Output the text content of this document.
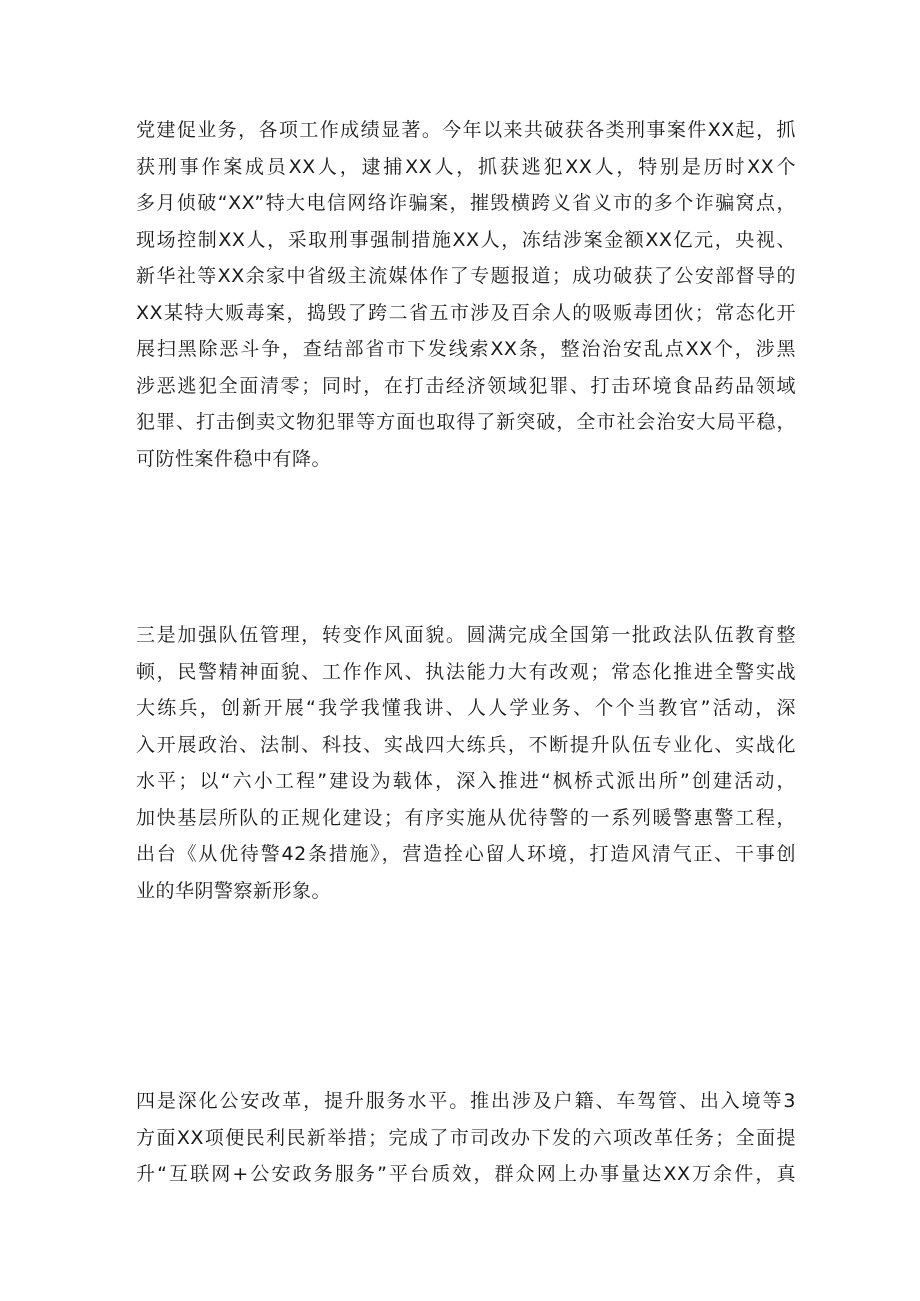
党建促业务，各项工作成绩显著。今年以来共破获各类刑事案件XX起，抓
获刑事作案成员XX人，逮捕XX人，抓获逃犯XX人，特别是历时XX个
多月侦破“XX”特大电信网络诈骗案，摧毁横跨义省义市的多个诈骗窝点，
现场控制XX人，采取刑事强制措施XX人，冻结涉案金额XX亿元，央视、
新华社等XX余家中省级主流媒体作了专题报道；成功破获了公安部督导的
XX某特大贩毒案，捣毁了跨二省五市涉及百余人的吸贩毒团伙；常态化开
展扫黑除恶斗争，查结部省市下发线索XX条，整治治安乱点XX个，涉黑
涉恶逃犯全面清零；同时，在打击经济领域犯罪、打击环境食品药品领域
犯罪、打击倒卖文物犯罪等方面也取得了新突破，全市社会治安大局平稳，
可防性案件稳中有降。
三是加强队伍管理，转变作风面貌。圆满完成全国第一批政法队伍教育整
顿，民警精神面貌、工作作风、执法能力大有改观；常态化推进全警实战
大练兵，创新开展“我学我懂我讲、人人学业务、个个当教官”活动，深
入开展政治、法制、科技、实战四大练兵，不断提升队伍专业化、实战化
水平；以“六小工程”建设为载体，深入推进“枫桥式派出所”创建活动，
加快基层所队的正规化建设；有序实施从优待警的一系列暖警惠警工程，
出台《从优待警42条措施》，营造拴心留人环境，打造风清气正、干事创
业的华阴警察新形象。
四是深化公安改革，提升服务水平。推出涉及户籍、车驾管、出入境等3
方面XX项便民利民新举措；完成了市司改办下发的六项改革任务；全面提
升“互联网+公安政务服务”平台质效，群众网上办事量达XX万余件，真
